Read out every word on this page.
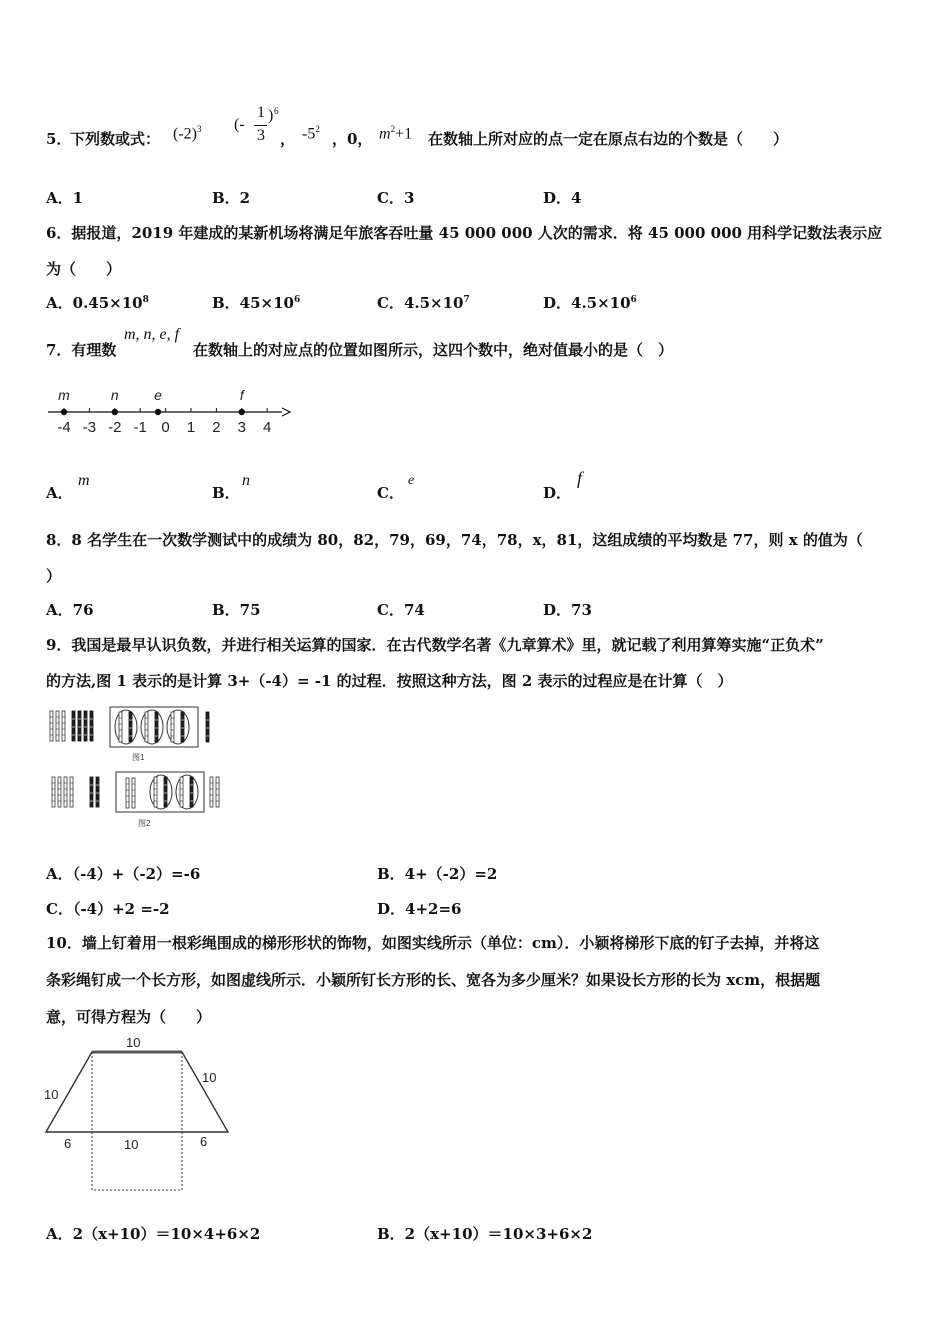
5．
下列数或式： $(-2)^3$ (-
1
3
) 6
， $-5^2$
，0， $m^2+1$ 在数轴上所对应的点一定在原点右边的个数是（　　）
A．1	B．2	C．3	D．4
6．据报道，2019 年建成的某新机场将满足年旅客吞吐量 45 000 000 人次的需求．将 45 000 000 用科学记数法表示应
为（　　）
A．$0.45\times 10^8$	B．$45\times 10^6$	C．$4.5\times 10^7$	D．$4.5\times 10^6$
7．有理数
m, n, e, f
在数轴上的对应点的位置如图所示，这四个数中，绝对值最小的是（　）
-4 -3 -2 -1 0 1 2 3 4
m	n	e	f
A．
m
B．
n
C．
e
D．
f
8．8 名学生在一次数学测试中的成绩为 80，82，79，69，74，78，x，81，这组成绩的平均数是 77，则 x 的值为（
）
A．76	B．75	C．74	D．73
9．我国是最早认识负数，并进行相关运算的国家．在古代数学名著《九章算术》里，就记载了利用算筹实施“正负术”
的方法,图 1 表示的是计算 3+（-4）= -1 的过程．按照这种方法，图 2 表示的过程应是在计算（　）
图1
图2
A．（-4）+（-2）=-6	B．4+（-2）=2
C．（-4）+2 =-2	D．4+2=6
10．墙上钉着用一根彩绳围成的梯形形状的饰物，如图实线所示（单位：cm）．小颖将梯形下底的钉子去掉，并将这
条彩绳钉成一个长方形，如图虚线所示．小颖所钉长方形的长、宽各为多少厘米？如果设长方形的长为 xcm，根据题
意，可得方程为（　　）
10
10
10
6	10	6
A．2（x+10）＝10×4+6×2	B．2（x+10）＝10×3+6×2
